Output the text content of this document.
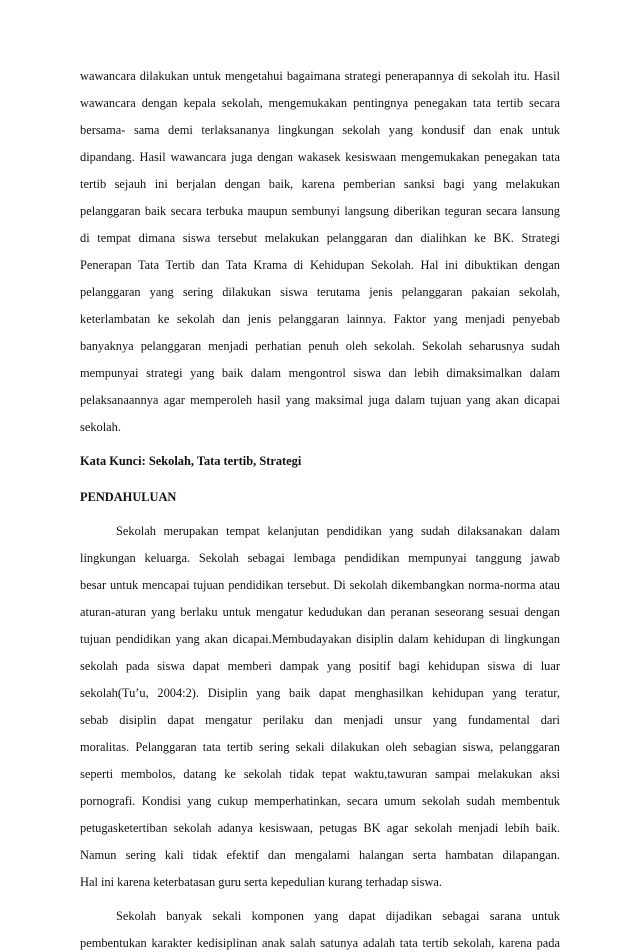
wawancara dilakukan untuk mengetahui bagaimana strategi penerapannya di sekolah itu. Hasil
wawancara dengan kepala sekolah, mengemukakan pentingnya penegakan tata tertib secara
bersama- sama demi terlaksananya lingkungan sekolah yang kondusif dan enak untuk
dipandang. Hasil wawancara juga dengan wakasek kesiswaan mengemukakan penegakan tata
tertib sejauh ini berjalan dengan baik, karena pemberian sanksi bagi yang melakukan
pelanggaran baik secara terbuka maupun sembunyi langsung diberikan teguran secara lansung
di tempat dimana siswa tersebut melakukan pelanggaran dan dialihkan ke BK. Strategi
Penerapan Tata Tertib dan Tata Krama di Kehidupan Sekolah. Hal ini dibuktikan dengan
pelanggaran yang sering dilakukan siswa terutama jenis pelanggaran pakaian sekolah,
keterlambatan ke sekolah dan jenis pelanggaran lainnya. Faktor yang menjadi penyebab
banyaknya pelanggaran menjadi perhatian penuh oleh sekolah. Sekolah seharusnya sudah
mempunyai strategi yang baik dalam mengontrol siswa dan lebih dimaksimalkan dalam
pelaksanaannya agar memperoleh hasil yang maksimal juga dalam tujuan yang akan dicapai
sekolah.
Kata Kunci: Sekolah, Tata tertib, Strategi
PENDAHULUAN
Sekolah merupakan tempat kelanjutan pendidikan yang sudah dilaksanakan dalam
lingkungan keluarga. Sekolah sebagai lembaga pendidikan mempunyai tanggung jawab
besar untuk mencapai tujuan pendidikan tersebut. Di sekolah dikembangkan norma-norma atau
aturan-aturan yang berlaku untuk mengatur kedudukan dan peranan seseorang sesuai dengan
tujuan pendidikan yang akan dicapai.Membudayakan disiplin dalam kehidupan di lingkungan
sekolah pada siswa dapat memberi dampak yang positif bagi kehidupan siswa di luar
sekolah(Tu’u, 2004:2). Disiplin yang baik dapat menghasilkan kehidupan yang teratur,
sebab disiplin dapat mengatur perilaku dan menjadi unsur yang fundamental dari
moralitas. Pelanggaran tata tertib sering sekali dilakukan oleh sebagian siswa, pelanggaran
seperti membolos, datang ke sekolah tidak tepat waktu,tawuran sampai melakukan aksi
pornografi. Kondisi yang cukup memperhatinkan, secara umum sekolah sudah membentuk
petugasketertiban sekolah adanya kesiswaan, petugas BK agar sekolah menjadi lebih baik.
Namun sering kali tidak efektif dan mengalami halangan serta hambatan dilapangan.
Hal ini karena keterbatasan guru serta kepedulian kurang terhadap siswa.
Sekolah banyak sekali komponen yang dapat dijadikan sebagai sarana untuk
pembentukan karakter kedisiplinan anak salah satunya adalah tata tertib sekolah, karena pada
